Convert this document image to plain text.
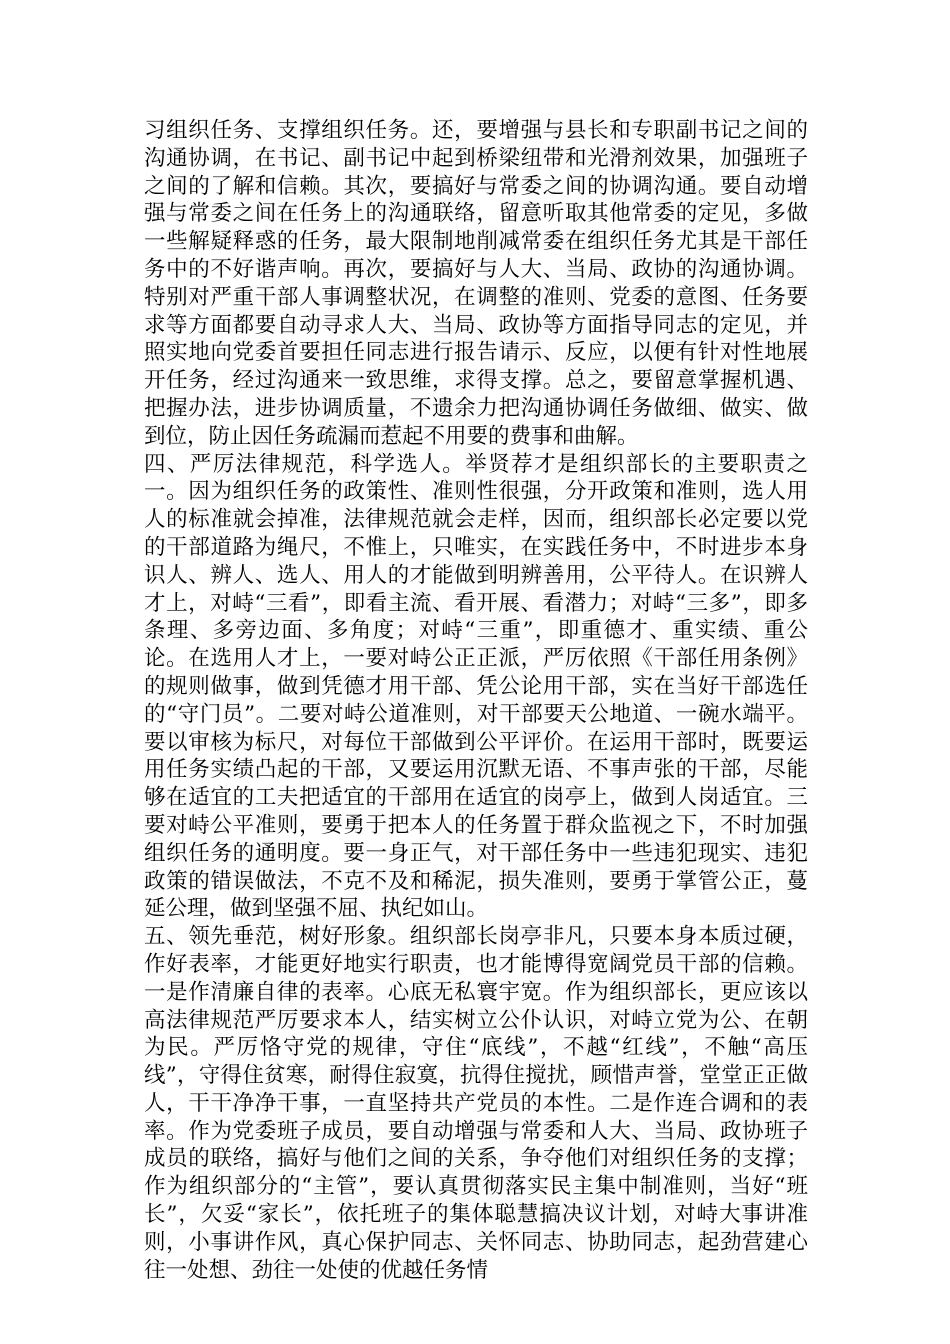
习组织任务、支撑组织任务。还，要增强与县长和专职副书记之间的沟通协调，在书记、副书记中起到桥梁纽带和光滑剂效果，加强班子之间的了解和信赖。其次，要搞好与常委之间的协调沟通。要自动增强与常委之间在任务上的沟通联络，留意听取其他常委的定见，多做一些解疑释惑的任务，最大限制地削减常委在组织任务尤其是干部任务中的不好谐声响。再次，要搞好与人大、当局、政协的沟通协调。特别对严重干部人事调整状况，在调整的准则、党委的意图、任务要求等方面都要自动寻求人大、当局、政协等方面指导同志的定见，并照实地向党委首要担任同志进行报告请示、反应，以便有针对性地展开任务，经过沟通来一致思维，求得支撑。总之，要留意掌握机遇、把握办法，进步协调质量，不遗余力把沟通协调任务做细、做实、做到位，防止因任务疏漏而惹起不用要的费事和曲解。

四、严厉法律规范，科学选人。举贤荐才是组织部长的主要职责之一。因为组织任务的政策性、准则性很强，分开政策和准则，选人用人的标准就会掉准，法律规范就会走样，因而，组织部长必定要以党的干部道路为绳尺，不惟上，只唯实，在实践任务中，不时进步本身识人、辨人、选人、用人的才能做到明辨善用，公平待人。在识辨人才上，对峙“三看”，即看主流、看开展、看潜力；对峙“三多”，即多条理、多旁边面、多角度；对峙“三重”，即重德才、重实绩、重公论。在选用人才上，一要对峙公正正派，严厉依照《干部任用条例》的规则做事，做到凭德才用干部、凭公论用干部，实在当好干部选任的“守门员”。二要对峙公道准则，对干部要天公地道、一碗水端平。要以审核为标尺，对每位干部做到公平评价。在运用干部时，既要运用任务实绩凸起的干部，又要运用沉默无语、不事声张的干部，尽能够在适宜的工夫把适宜的干部用在适宜的岗亭上，做到人岗适宜。三要对峙公平准则，要勇于把本人的任务置于群众监视之下，不时加强组织任务的通明度。要一身正气，对干部任务中一些违犯现实、违犯政策的错误做法，不克不及和稀泥，损失准则，要勇于掌管公正，蔓延公理，做到坚强不屈、执纪如山。

五、领先垂范，树好形象。组织部长岗亭非凡，只要本身本质过硬，作好表率，才能更好地实行职责，也才能博得宽阔党员干部的信赖。一是作清廉自律的表率。心底无私寰宇宽。作为组织部长，更应该以高法律规范严厉要求本人，结实树立公仆认识，对峙立党为公、在朝为民。严厉恪守党的规律，守住“底线”，不越“红线”，不触“高压线”，守得住贫寒，耐得住寂寞，抗得住搅扰，顾惜声誉，堂堂正正做人，干干净净干事，一直坚持共产党员的本性。二是作连合调和的表率。作为党委班子成员，要自动增强与常委和人大、当局、政协班子成员的联络，搞好与他们之间的关系，争夺他们对组织任务的支撑；作为组织部分的“主管”，要认真贯彻落实民主集中制准则，当好“班长”，欠妥“家长”，依托班子的集体聪慧搞决议计划，对峙大事讲准则，小事讲作风，真心保护同志、关怀同志、协助同志，起劲营建心往一处想、劲往一处使的优越任务情
